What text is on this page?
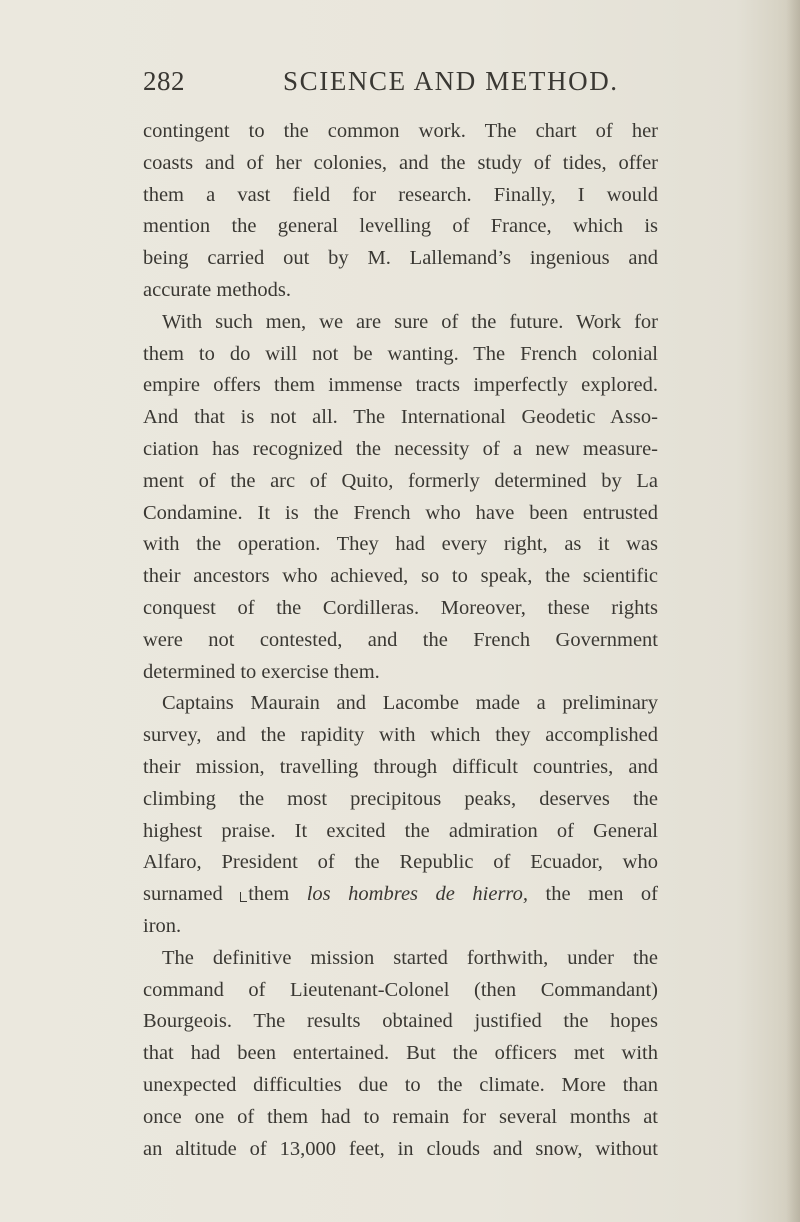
282	SCIENCE AND METHOD.
contingent to the common work. The chart of her
coasts and of her colonies, and the study of tides, offer
them a vast field for research. Finally, I would
mention the general levelling of France, which is
being carried out by M. Lallemand’s ingenious and
accurate methods.
With such men, we are sure of the future. Work for
them to do will not be wanting. The French colonial
empire offers them immense tracts imperfectly explored.
And that is not all. The International Geodetic Asso-
ciation has recognized the necessity of a new measure-
ment of the arc of Quito, formerly determined by La
Condamine. It is the French who have been entrusted
with the operation. They had every right, as it was
their ancestors who achieved, so to speak, the scientific
conquest of the Cordilleras. Moreover, these rights
were not contested, and the French Government
determined to exercise them.
Captains Maurain and Lacombe made a preliminary
survey, and the rapidity with which they accomplished
their mission, travelling through difficult countries, and
climbing the most precipitous peaks, deserves the
highest praise. It excited the admiration of General
Alfaro, President of the Republic of Ecuador, who
surnamed them los hombres de hierro, the men of
iron.
The definitive mission started forthwith, under the
command of Lieutenant-Colonel (then Commandant)
Bourgeois. The results obtained justified the hopes
that had been entertained. But the officers met with
unexpected difficulties due to the climate. More than
once one of them had to remain for several months at
an altitude of 13,000 feet, in clouds and snow, without
